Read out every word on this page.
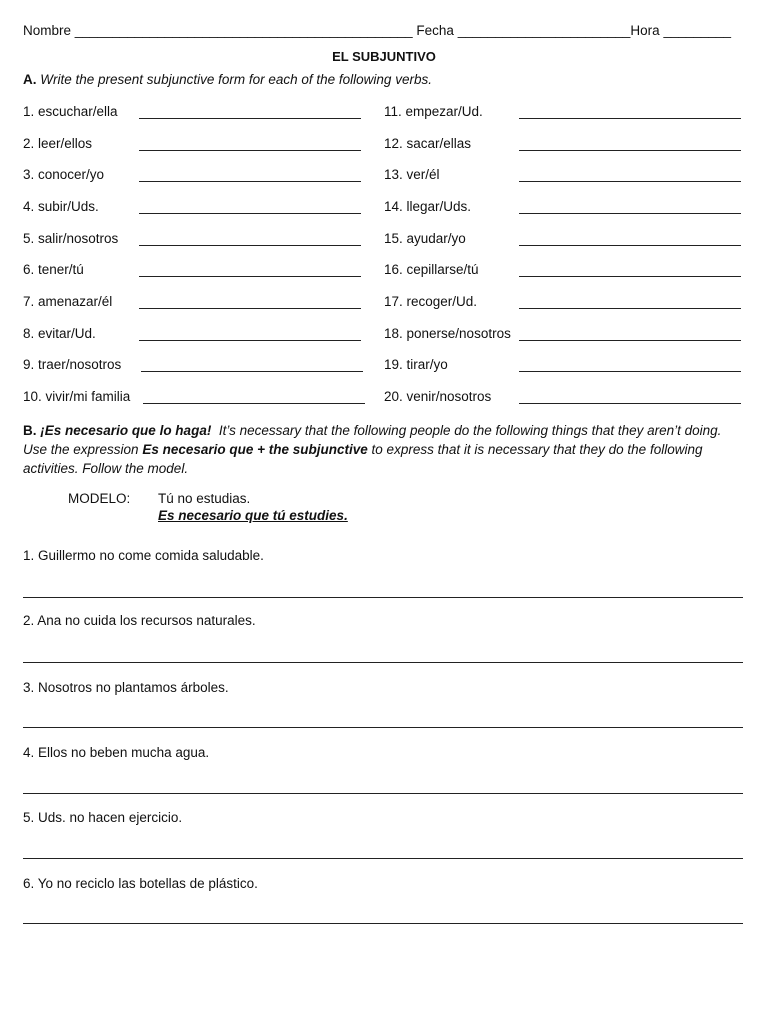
Nombre _____________________________________________ Fecha _______________________Hora _________
EL SUBJUNTIVO
A. Write the present subjunctive form for each of the following verbs.
1. escuchar/ella
2. leer/ellos
3. conocer/yo
4. subir/Uds.
5. salir/nosotros
6. tener/tú
7. amenazar/él
8. evitar/Ud.
9. traer/nosotros
10. vivir/mi familia
11. empezar/Ud.
12. sacar/ellas
13. ver/él
14. llegar/Uds.
15. ayudar/yo
16. cepillarse/tú
17. recoger/Ud.
18. ponerse/nosotros
19. tirar/yo
20. venir/nosotros
B. ¡Es necesario que lo haga! It’s necessary that the following people do the following things that they aren’t doing. Use the expression Es necesario que + the subjunctive to express that it is necessary that they do the following activities. Follow the model.
MODELO: Tú no estudias.
Es necesario que tú estudies.
1. Guillermo no come comida saludable.
2. Ana no cuida los recursos naturales.
3. Nosotros no plantamos árboles.
4. Ellos no beben mucha agua.
5. Uds. no hacen ejercicio.
6. Yo no reciclo las botellas de plástico.
